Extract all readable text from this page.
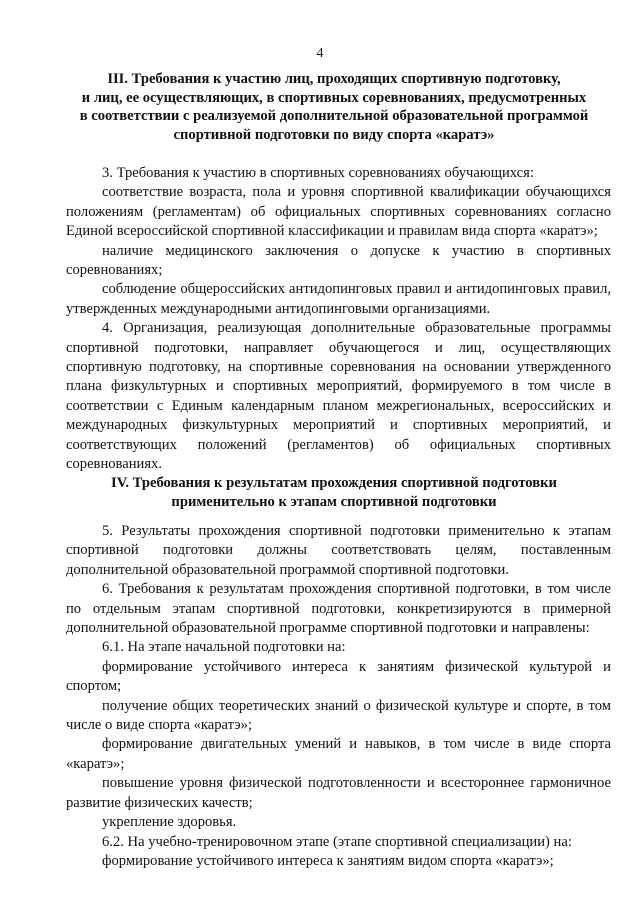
4
III. Требования к участию лиц, проходящих спортивную подготовку,
и лиц, ее осуществляющих, в спортивных соревнованиях, предусмотренных
в соответствии с реализуемой дополнительной образовательной программой
спортивной подготовки по виду спорта «каратэ»

3. Требования к участию в спортивных соревнованиях обучающихся:

соответствие возраста, пола и уровня спортивной квалификации обучающихся положениям (регламентам) об официальных спортивных соревнованиях согласно Единой всероссийской спортивной классификации и правилам вида спорта «каратэ»;

наличие медицинского заключения о допуске к участию в спортивных соревнованиях;

соблюдение общероссийских антидопинговых правил и антидопинговых правил, утвержденных международными антидопинговыми организациями.

4. Организация, реализующая дополнительные образовательные программы спортивной подготовки, направляет обучающегося и лиц, осуществляющих спортивную подготовку, на спортивные соревнования на основании утвержденного плана физкультурных и спортивных мероприятий, формируемого в том числе в соответствии с Единым календарным планом межрегиональных, всероссийских и международных физкультурных мероприятий и спортивных мероприятий, и соответствующих положений (регламентов) об официальных спортивных соревнованиях.

IV. Требования к результатам прохождения спортивной подготовки
применительно к этапам спортивной подготовки

5. Результаты прохождения спортивной подготовки применительно к этапам спортивной подготовки должны соответствовать целям, поставленным дополнительной образовательной программой спортивной подготовки.

6. Требования к результатам прохождения спортивной подготовки, в том числе по отдельным этапам спортивной подготовки, конкретизируются в примерной дополнительной образовательной программе спортивной подготовки и направлены:

6.1. На этапе начальной подготовки на:

формирование устойчивого интереса к занятиям физической культурой и спортом;

получение общих теоретических знаний о физической культуре и спорте, в том числе о виде спорта «каратэ»;

формирование двигательных умений и навыков, в том числе в виде спорта «каратэ»;

повышение уровня физической подготовленности и всестороннее гармоничное развитие физических качеств;

укрепление здоровья.

6.2. На учебно-тренировочном этапе (этапе спортивной специализации) на:

формирование устойчивого интереса к занятиям видом спорта «каратэ»;
